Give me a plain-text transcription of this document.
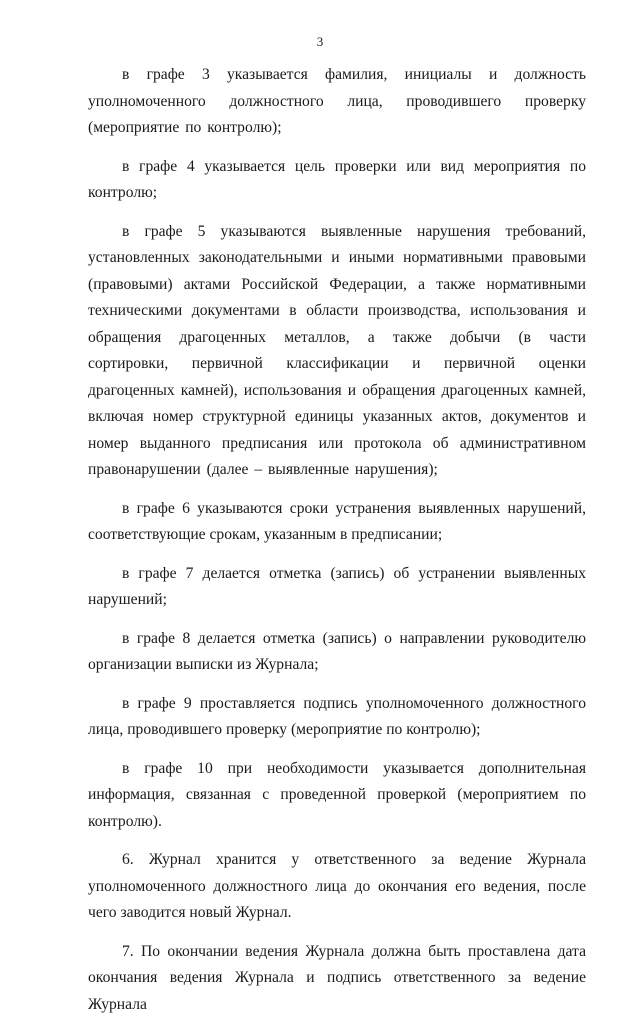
3

в графе 3 указывается фамилия, инициалы и должность уполномоченного должностного лица, проводившего проверку (мероприятие по контролю);

в графе 4 указывается цель проверки или вид мероприятия по контролю;

в графе 5 указываются выявленные нарушения требований, установленных законодательными и иными нормативными правовыми (правовыми) актами Российской Федерации, а также нормативными техническими документами в области производства, использования и обращения драгоценных металлов, а также добычи (в части сортировки, первичной классификации и первичной оценки драгоценных камней), использования и обращения драгоценных камней, включая номер структурной единицы указанных актов, документов и номер выданного предписания или протокола об административном правонарушении (далее – выявленные нарушения);

в графе 6 указываются сроки устранения выявленных нарушений, соответствующие срокам, указанным в предписании;

в графе 7 делается отметка (запись) об устранении выявленных нарушений;

в графе 8 делается отметка (запись) о направлении руководителю организации выписки из Журнала;

в графе 9 проставляется подпись уполномоченного должностного лица, проводившего проверку (мероприятие по контролю);

в графе 10 при необходимости указывается дополнительная информация, связанная с проведенной проверкой (мероприятием по контролю).

6. Журнал хранится у ответственного за ведение Журнала уполномоченного должностного лица до окончания его ведения, после чего заводится новый Журнал.

7. По окончании ведения Журнала должна быть проставлена дата окончания ведения Журнала и подпись ответственного за ведение Журнала
